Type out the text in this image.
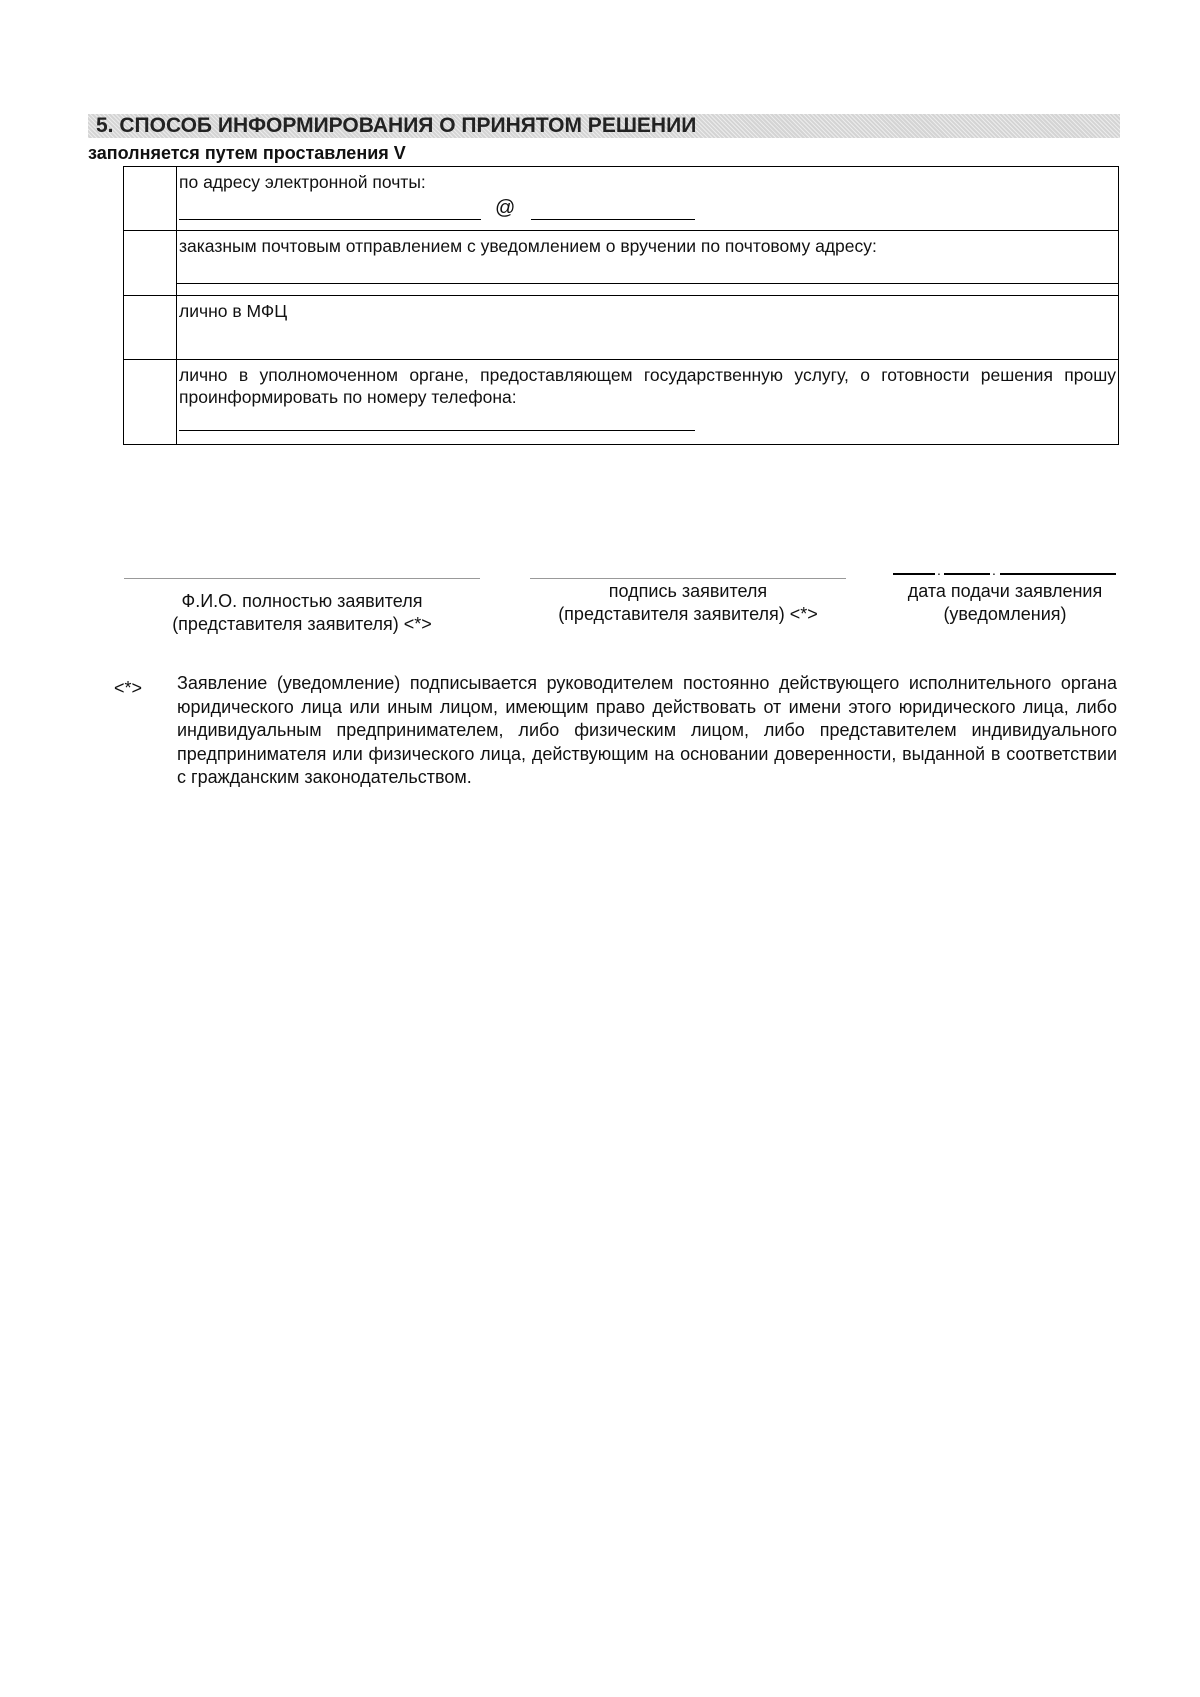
5. СПОСОБ ИНФОРМИРОВАНИЯ О ПРИНЯТОМ РЕШЕНИИ
заполняется путем проставления V

	по адресу электронной почты:
@

	заказным почтовым отправлением с уведомлением о вручении по почтовому адресу:

	лично в МФЦ

	лично в уполномоченном органе, предоставляющем государственную услугу, о готовности решения прошу проинформировать по номеру телефона:
.	.
Ф.И.О. полностью заявителя
(представителя заявителя) <*>
подпись заявителя
(представителя заявителя) <*>
дата подачи заявления
(уведомления)
<*> Заявление (уведомление) подписывается руководителем постоянно действующего исполнительного органа юридического лица или иным лицом, имеющим право действовать от имени этого юридического лица, либо индивидуальным предпринимателем, либо физическим лицом, либо представителем индивидуального предпринимателя или физического лица, действующим на основании доверенности, выданной в соответствии с гражданским законодательством.
